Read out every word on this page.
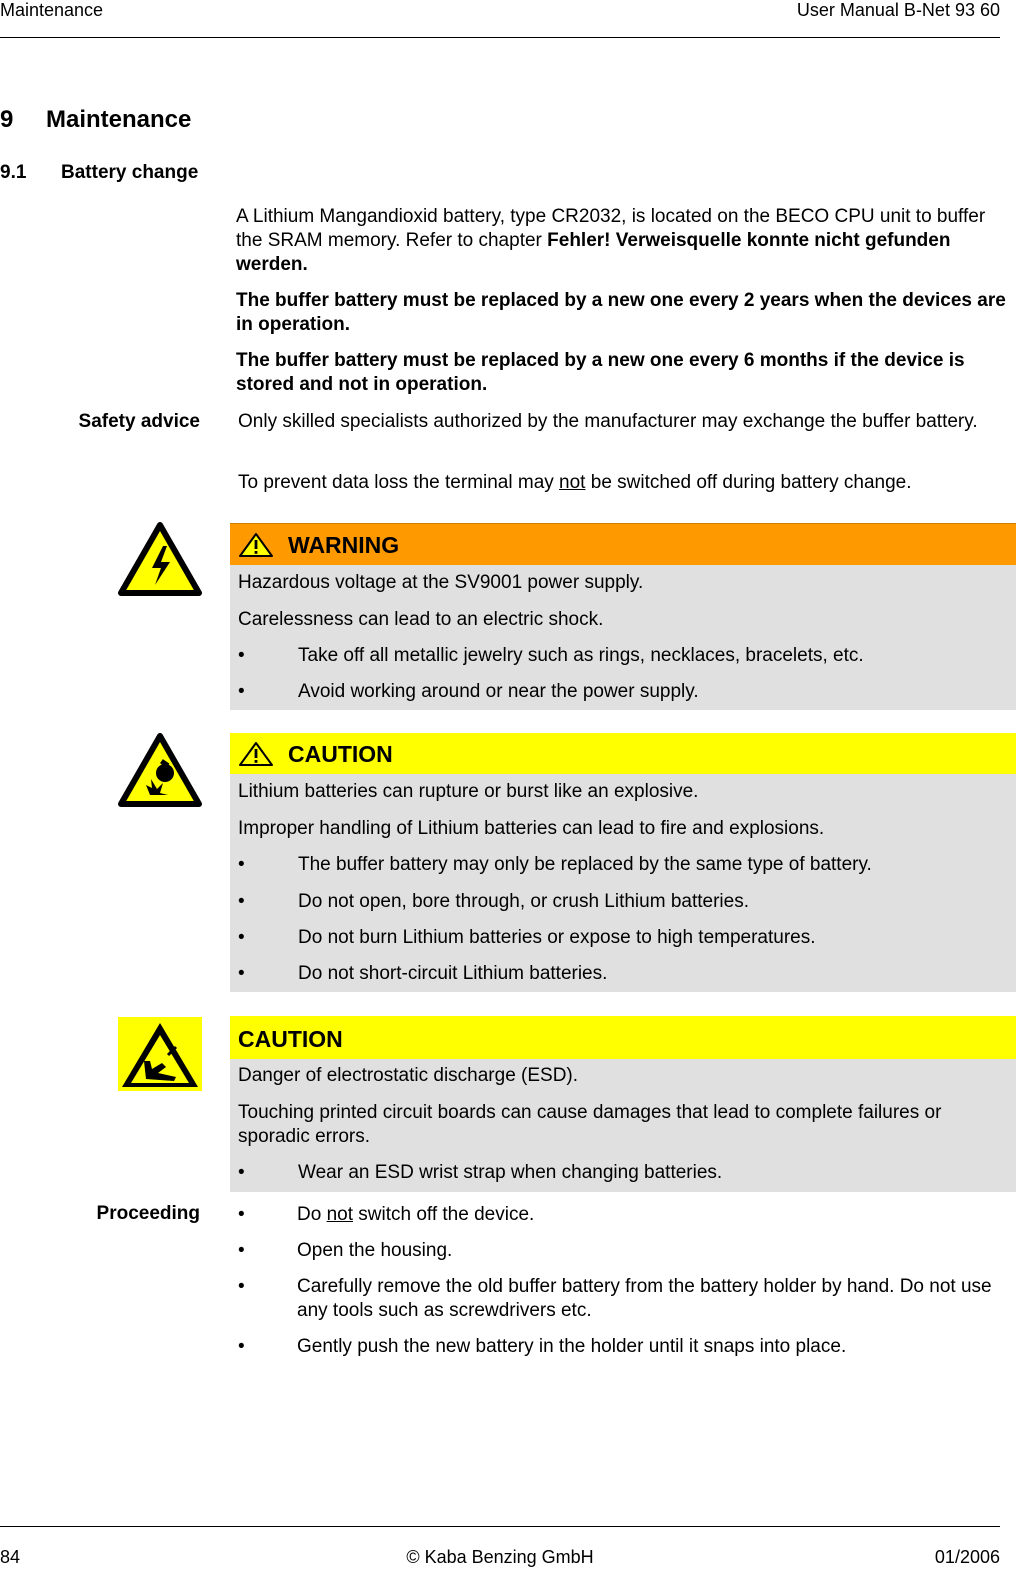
Maintenance	User Manual B-Net 93 60
9 Maintenance
9.1 Battery change
A Lithium Mangandioxid battery, type CR2032, is located on the BECO CPU unit to buffer the SRAM memory. Refer to chapter Fehler! Verweisquelle konnte nicht gefunden werden.
The buffer battery must be replaced by a new one every 2 years when the devices are in operation.
The buffer battery must be replaced by a new one every 6 months if the device is stored and not in operation.
Safety advice Only skilled specialists authorized by the manufacturer may exchange the buffer battery.
To prevent data loss the terminal may not be switched off during battery change.
WARNING
Hazardous voltage at the SV9001 power supply.
Carelessness can lead to an electric shock.
•	Take off all metallic jewelry such as rings, necklaces, bracelets, etc.
•	Avoid working around or near the power supply.
CAUTION
Lithium batteries can rupture or burst like an explosive.
Improper handling of Lithium batteries can lead to fire and explosions.
•	The buffer battery may only be replaced by the same type of battery.
•	Do not open, bore through, or crush Lithium batteries.
•	Do not burn Lithium batteries or expose to high temperatures.
•	Do not short-circuit Lithium batteries.
CAUTION
Danger of electrostatic discharge (ESD).
Touching printed circuit boards can cause damages that lead to complete failures or sporadic errors.
•	Wear an ESD wrist strap when changing batteries.
Proceeding •	Do not switch off the device.
•	Open the housing.
•	Carefully remove the old buffer battery from the battery holder by hand. Do not use any tools such as screwdrivers etc.
•	Gently push the new battery in the holder until it snaps into place.
84	© Kaba Benzing GmbH	01/2006
